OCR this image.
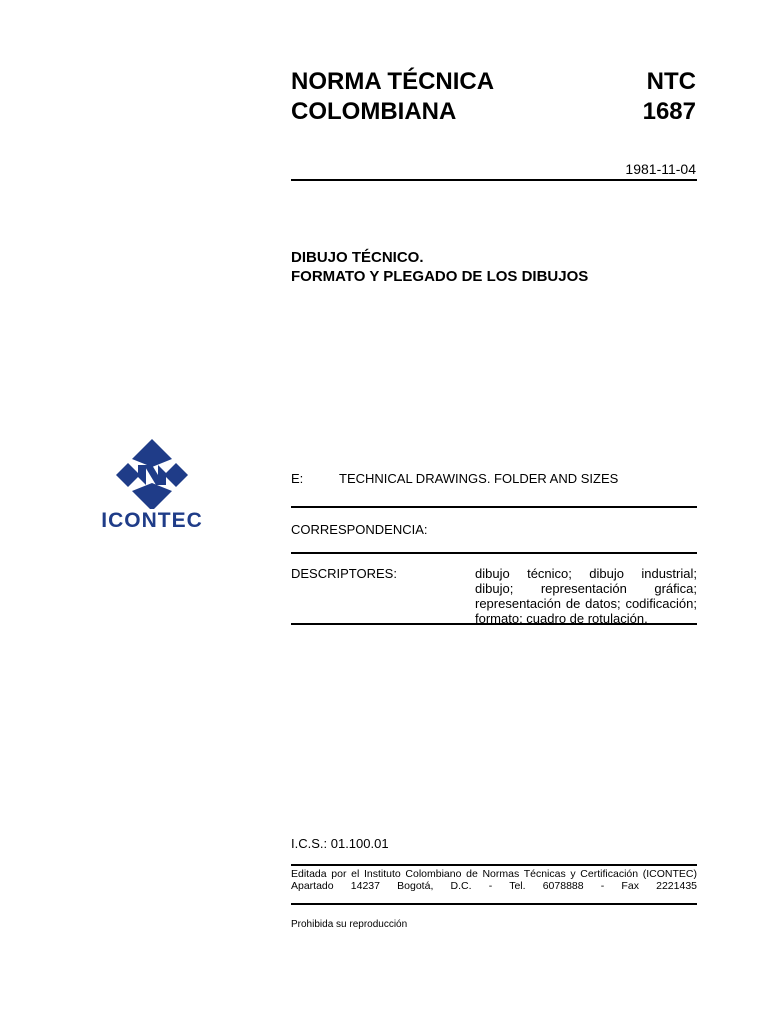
NORMA TÉCNICA
COLOMBIANA
NTC
1687
1981-11-04
DIBUJO TÉCNICO.
FORMATO Y PLEGADO DE LOS DIBUJOS
ICONTEC
E:	TECHNICAL DRAWINGS. FOLDER AND SIZES
CORRESPONDENCIA:
DESCRIPTORES:	dibujo técnico; dibujo industrial; dibujo; representación gráfica; representación de datos; codificación;
formato; cuadro de rotulación.
I.C.S.: 01.100.01
Editada por el Instituto Colombiano de Normas Técnicas y Certificación (ICONTEC)
Apartado 14237 Bogotá, D.C. - Tel. 6078888 - Fax 2221435
Prohibida su reproducción
